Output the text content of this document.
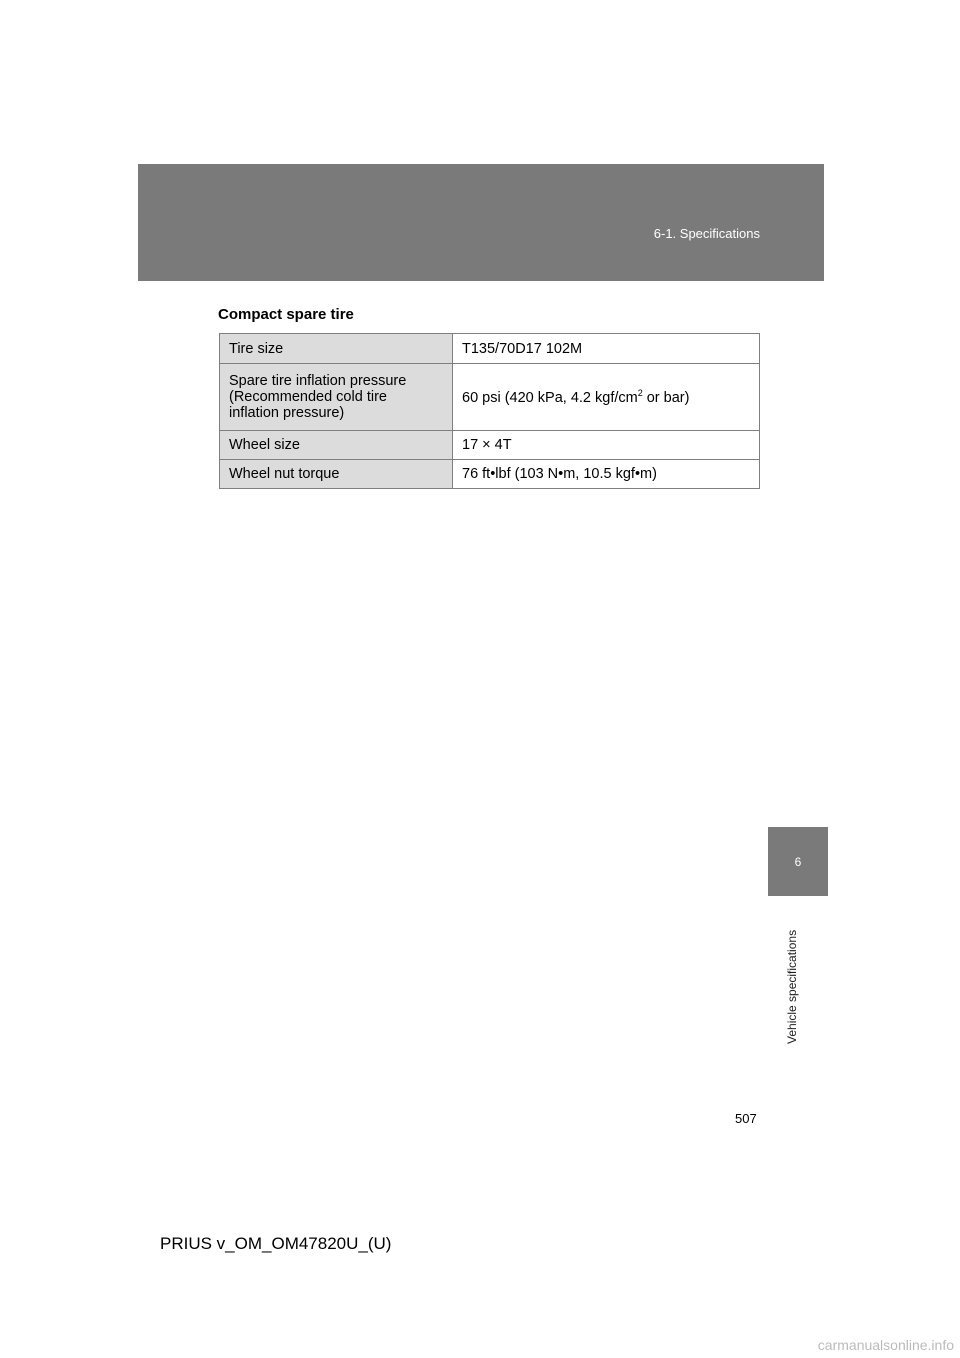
6-1. Specifications
Compact spare tire
Tire size	T135/70D17 102M

Spare tire inflation pressure
(Recommended cold tire
inflation pressure)	60 psi (420 kPa, 4.2 kgf/$cm^2$ or bar)
Wheel size	17 × 4T
Wheel nut torque	76 ft•lbf (103 N•m, 10.5 kgf•m)
6
Vehicle specifications
507
PRIUS v_OM_OM47820U_(U)
carmanualsonline.info
